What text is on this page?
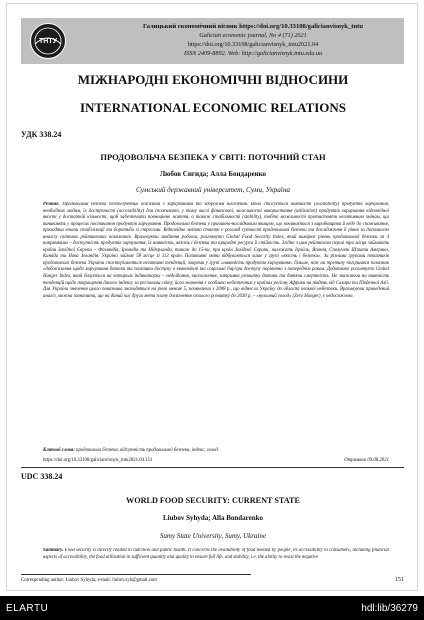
ТНТУ
Галицький економічний вісник https://doi.org/10.33108/galicianvisnyk_tntu
Galician economic journal, No 4 (71) 2021
https://doi.org/10.33108/galicianvisnyk_tntu2021.04
ISSN 2409-8892. Web: http://galicianvisnyk.tntu.edu.ua
МІЖНАРОДНІ ЕКОНОМІЧНІ ВІДНОСИНИ
INTERNATIONAL ECONOMIC RELATIONS
УДК 338.24
ПРОДОВОЛЬЧА БЕЗПЕКА У СВІТІ: ПОТОЧНИЙ СТАН
Любов Сигида; Алла Бондаренко
Сумський державний університет, Суми, Україна
Резюме. Продовольча безпека безпосередньо пов'язана з харчуванням та здоров'ям населення. Вона стосується наявності (availability) продуктів харчування, необхідних людям, їх доступності (accessibility) для споживачів, у тому числі фінансової, можливості використання (utilization) продуктів харчування відповідної якості у достатній кількості, щоб забезпечити повноцінне життя, а також стабільності (stability), тобто можливості протистояти негативним змінам, що виникають у процесах постачання продуктів харчування. Продовольча безпека є причинно-наслідковим явищем, що починається з виробництва й веде до споживання, проходячи етапи стабілізації та боротьби зі стресами. Відповідно метою статті є розгляд сутності продовольчої безпеки та дослідження її рівня за допомогою аналізу світових рейтингових показників. Враховуючи завдання роботи, розглянуто Global Food Security Index, який вимірює рівень продовольчої безпеки за 4 напрямками – доступність продуктів харчування, їх наявність, якість і безпека та природні ресурси й стійкість. Згідно з цим рейтингом перші три місця займають країни Західної Європи – Фінляндія, Ірландія та Нідерланди, також до 15-ки, при країн Західної Європи, належать Ізраїль, Японія, Сполучені Штати Америки, Канада та Нова Зеландія. Україна займає 58 місце зі 113 країн. Позитивні зміни відбуваються лише у групі «якість і безпека». За різними групами показників продовольчої безпеки України спостерігаються негативні тенденції, зокрема у групі «наявність продуктів харчування» більше, ніж на третину погіршився показник «добов'язання щодо харчування безпеки та політики доступу в економічні та соціальні бар'єри доступу порівняно з попереднім роком. Додатково розглянуто Global Hunger Index, який базується на чотирьох індикаторах – недоїдання, виснаження, затримка розвитку дитини та дитяча смертність. Не зважаючи на наявність тенденцій щодо покращення даного індексу за регіонами світу, його значення є особливо небезпечним у країнах регіону Африки на південь від Сахари та Південної Азії. Для України значення цього показника знаходяться на рівні менше 5, починаючи з 2008 р., що віднесло Україну до області низької небезпеки. Враховуючи проведений аналіз, можна зазначити, що на даний час друга мета плану досягнення сталого розвитку до 2030 р. – «нульовий голод» (Zero Hunger), є недосяжною.
Ключові слова: продовольча безпека, відсутність продовольчої безпеки, індекс, голод.
https://doi.org/10.33108/galicianvisnyk_tntu2021.04.151	Отримано 09.08.2021
UDC 338.24
WORLD FOOD SECURITY: CURRENT STATE
Liubov Syhyda; Alla Bondarenko
Sumy State University, Sumy, Ukraine
Summary. Food security is directly related to nutrition and public health. It concerns the availability of food needed by people, its accessibility to consumers, including financial aspects of accessibility, the food utilization in sufficient quantity and quality to ensure full life, and stability, i.e. the ability to resist the negative
Corresponding author: Liubov Syhyda; e-mail: liubov.syh@gmail.com	151
ELARTU	hdl:lib/36279
